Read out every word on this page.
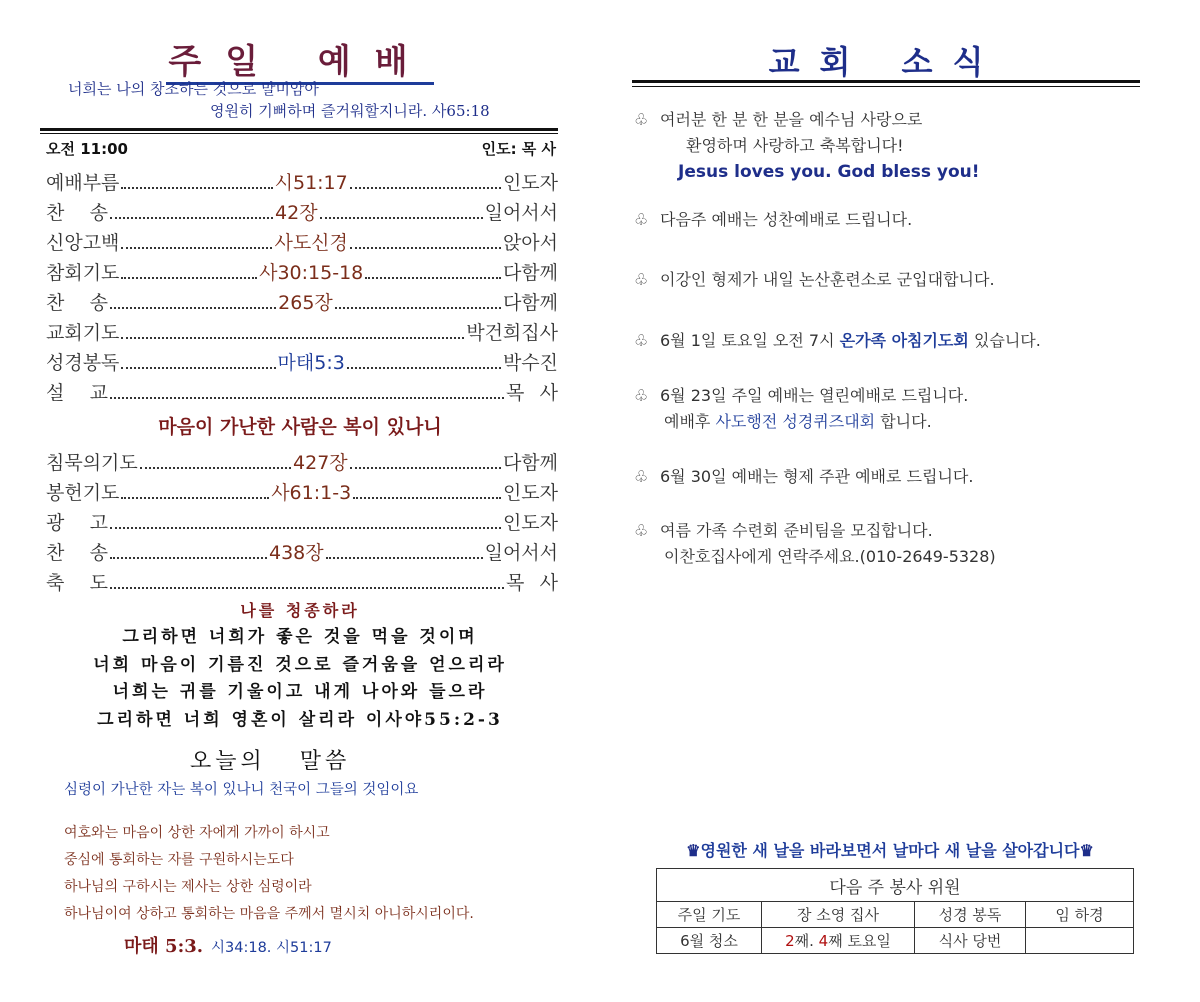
주일 예배
너희는 나의 창조하는 것으로 말미암아
영원히 기뻐하며 즐거워할지니라. 사65:18
오전 11:00	인도: 목 사
예배부름	시51:17	인도자
찬 송	42장	일어서서
신앙고백	사도신경	앉아서
참회기도	사30:15-18	다함께
찬 송	265장	다함께
교회기도	박건희집사
성경봉독	마태5:3	박수진
설 교	목 사
마음이 가난한 사람은 복이 있나니
침묵의기도	427장	다함께
봉헌기도	사61:1-3	인도자
광 고	인도자
찬 송	438장	일어서서
축 도	목 사
나를 청종하라
그리하면 너희가 좋은 것을 먹을 것이며
너희 마음이 기름진 것으로 즐거움을 얻으리라
너희는 귀를 기울이고 내게 나아와 들으라
그리하면 너희 영혼이 살리라 이사야55:2-3
오늘의 말씀
심령이 가난한 자는 복이 있나니 천국이 그들의 것임이요
여호와는 마음이 상한 자에게 가까이 하시고
중심에 통회하는 자를 구원하시는도다
하나님의 구하시는 제사는 상한 심령이라
하나님이여 상하고 통회하는 마음을 주께서 멸시치 아니하시리이다.
마태 5:3. 시34:18. 시51:17
교회 소식
♧ 여러분 한 분 한 분을 예수님 사랑으로
환영하며 사랑하고 축복합니다!
Jesus loves you. God bless you!
♧ 다음주 예배는 성찬예배로 드립니다.
♧ 이강인 형제가 내일 논산훈련소로 군입대합니다.
♧ 6월 1일 토요일 오전 7시 온가족 아침기도회 있습니다.
♧ 6월 23일 주일 예배는 열린예배로 드립니다.
예배후 사도행전 성경퀴즈대회 합니다.
♧ 6월 30일 예배는 형제 주관 예배로 드립니다.
♧ 여름 가족 수련회 준비팀을 모집합니다.
이찬호집사에게 연락주세요.(010-2649-5328)
♛영원한 새 날을 바라보면서 날마다 새 날을 살아갑니다♛
다음 주 봉사 위원			
주일 기도	장 소영 집사	성경 봉독	임 하경
6월 청소	2째. 4째 토요일	식사 당번	
